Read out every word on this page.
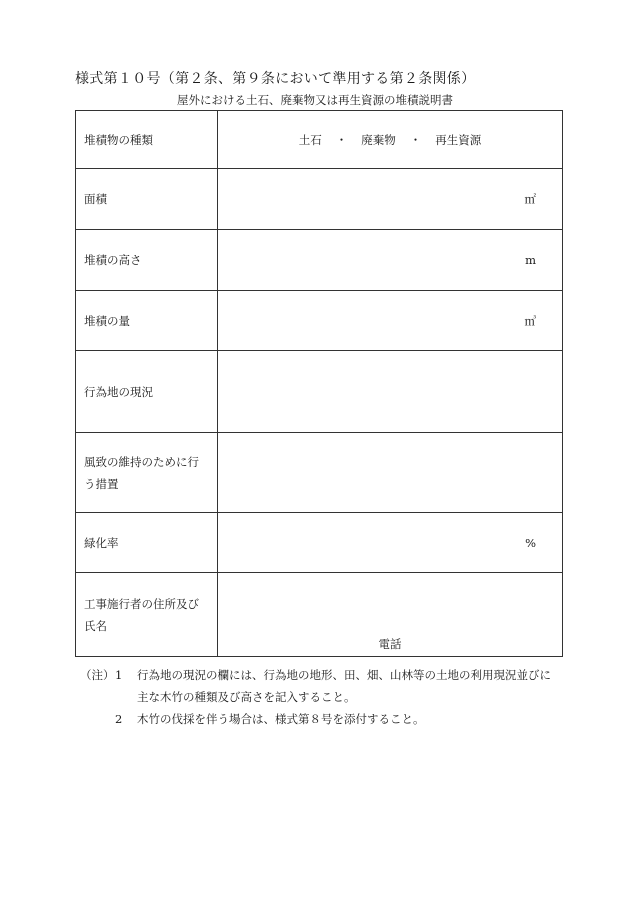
様式第１０号（第２条、第９条において準用する第２条関係）
屋外における土石、廃棄物又は再生資源の堆積説明書
堆積物の種類	土石 ・ 廃棄物 ・ 再生資源
面積	㎡

堆積の高さ	m

堆積の量	㎥

行為地の現況	

風致の維持のために行
う措置	

緑化率	%

工事施行者の住所及び
氏名	電話
（注） 1 行為地の現況の欄には、行為地の地形、田、畑、山林等の土地の利用現況並びに
主な木竹の種類及び高さを記入すること。
2 木竹の伐採を伴う場合は、様式第８号を添付すること。
